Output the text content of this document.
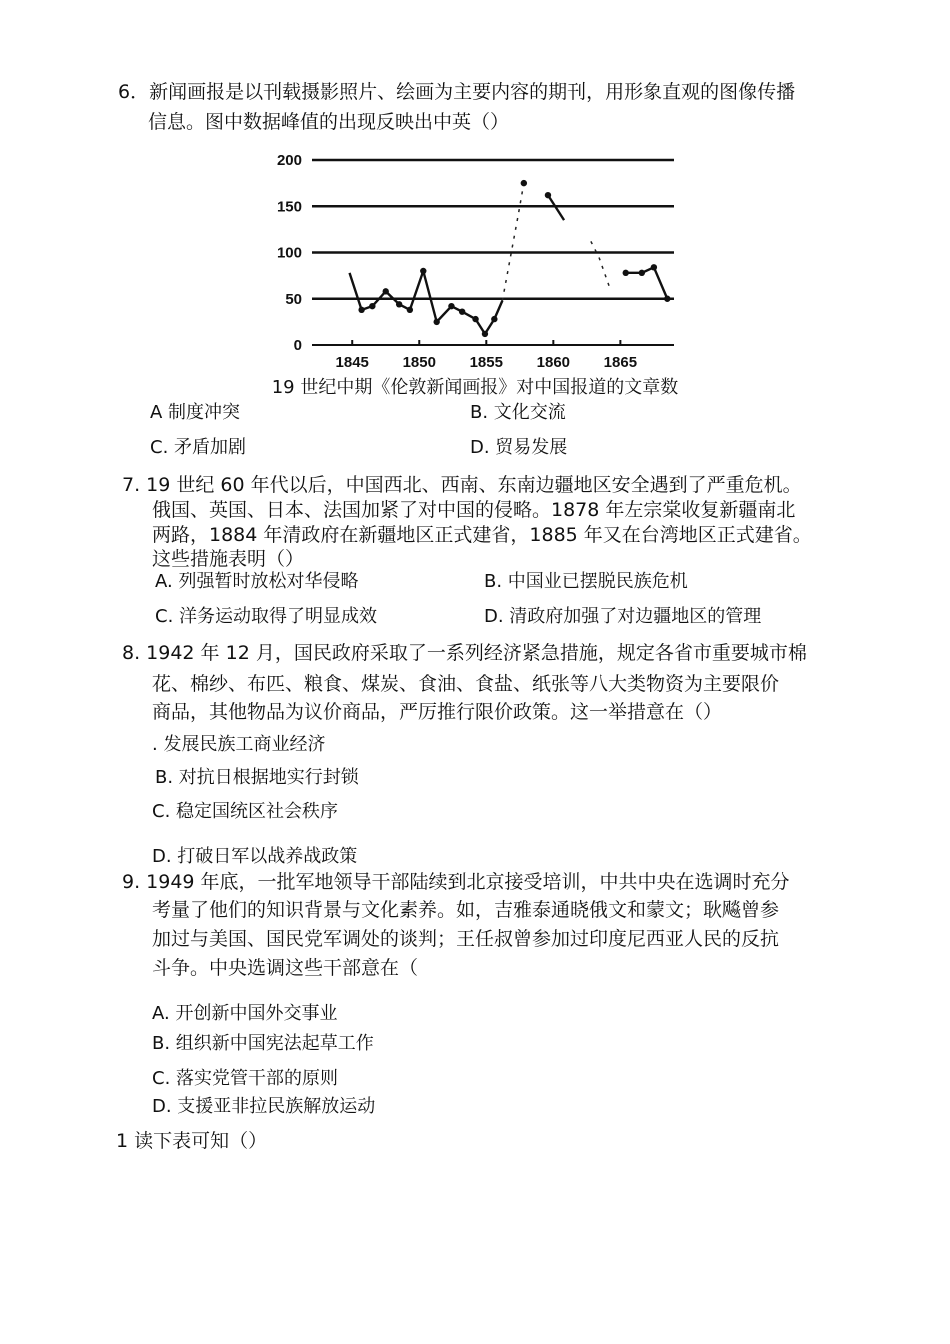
6．新闻画报是以刊载摄影照片、绘画为主要内容的期刊，用形象直观的图像传播
信息。图中数据峰值的出现反映出中英（）
0
50
100
150
200
1845 1850 1855 1860 1865
19 世纪中期《伦敦新闻画报》对中国报道的文章数
A 制度冲突	B. 文化交流
C. 矛盾加剧	D. 贸易发展
7. 19 世纪 60 年代以后，中国西北、西南、东南边疆地区安全遇到了严重危机。
俄国、英国、日本、法国加紧了对中国的侵略。1878 年左宗棠收复新疆南北
两路，1884 年清政府在新疆地区正式建省，1885 年又在台湾地区正式建省。
这些措施表明（）
A. 列强暂时放松对华侵略	B. 中国业已摆脱民族危机
C. 洋务运动取得了明显成效	D. 清政府加强了对边疆地区的管理
8. 1942 年 12 月，国民政府采取了一系列经济紧急措施，规定各省市重要城市棉
花、棉纱、布匹、粮食、煤炭、食油、食盐、纸张等八大类物资为主要限价
商品，其他物品为议价商品，严厉推行限价政策。这一举措意在（）
. 发展民族工商业经济
B. 对抗日根据地实行封锁
C. 稳定国统区社会秩序
D. 打破日军以战养战政策
9. 1949 年底，一批军地领导干部陆续到北京接受培训，中共中央在选调时充分
考量了他们的知识背景与文化素养。如，吉雅泰通晓俄文和蒙文；耿飚曾参
加过与美国、国民党军调处的谈判；王任叔曾参加过印度尼西亚人民的反抗
斗争。中央选调这些干部意在（
A. 开创新中国外交事业
B. 组织新中国宪法起草工作
C. 落实党管干部的原则
D. 支援亚非拉民族解放运动
1 读下表可知（）
